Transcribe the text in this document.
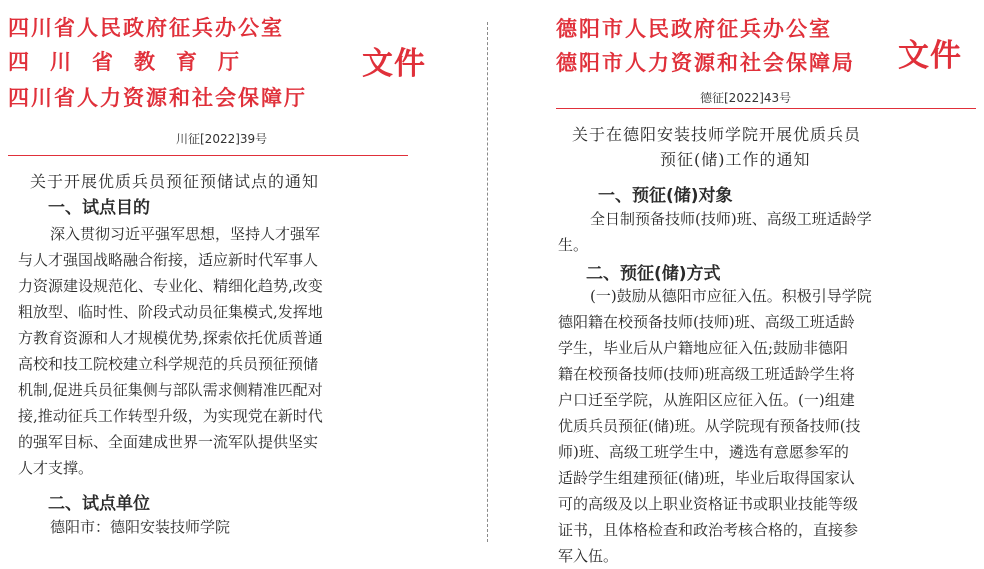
四川省人民政府征兵办公室
四　川　省　教　育　厅
四川省人力资源和社会保障厅
文件
川征[2022]39号
关于开展优质兵员预征预储试点的通知
一、试点目的
深入贯彻习近平强军思想，坚持人才强军
与人才强国战略融合衔接，适应新时代军事人
力资源建设规范化、专业化、精细化趋势,改变
粗放型、临时性、阶段式动员征集模式,发挥地
方教育资源和人才规模优势,探索依托优质普通
高校和技工院校建立科学规范的兵员预征预储
机制,促进兵员征集侧与部队需求侧精准匹配对
接,推动征兵工作转型升级，为实现党在新时代
的强军目标、全面建成世界一流军队提供坚实
人才支撑。
二、试点单位
德阳市：德阳安装技师学院
德阳市人民政府征兵办公室
德阳市人力资源和社会保障局 文件
德征[2022]43号
关于在德阳安装技师学院开展优质兵员
预征(储)工作的通知
一、预征(储)对象
全日制预备技师(技师)班、高级工班适龄学
生。
二、预征(储)方式
(一)鼓励从德阳市应征入伍。积极引导学院
德阳籍在校预备技师(技师)班、高级工班适龄
学生，毕业后从户籍地应征入伍;鼓励非德阳
籍在校预备技师(技师)班高级工班适龄学生将
户口迁至学院，从旌阳区应征入伍。(一)组建
优质兵员预征(储)班。从学院现有预备技师(技
师)班、高级工班学生中，遴选有意愿参军的
适龄学生组建预征(储)班，毕业后取得国家认
可的高级及以上职业资格证书或职业技能等级
证书，且体格检查和政治考核合格的，直接参
军入伍。
